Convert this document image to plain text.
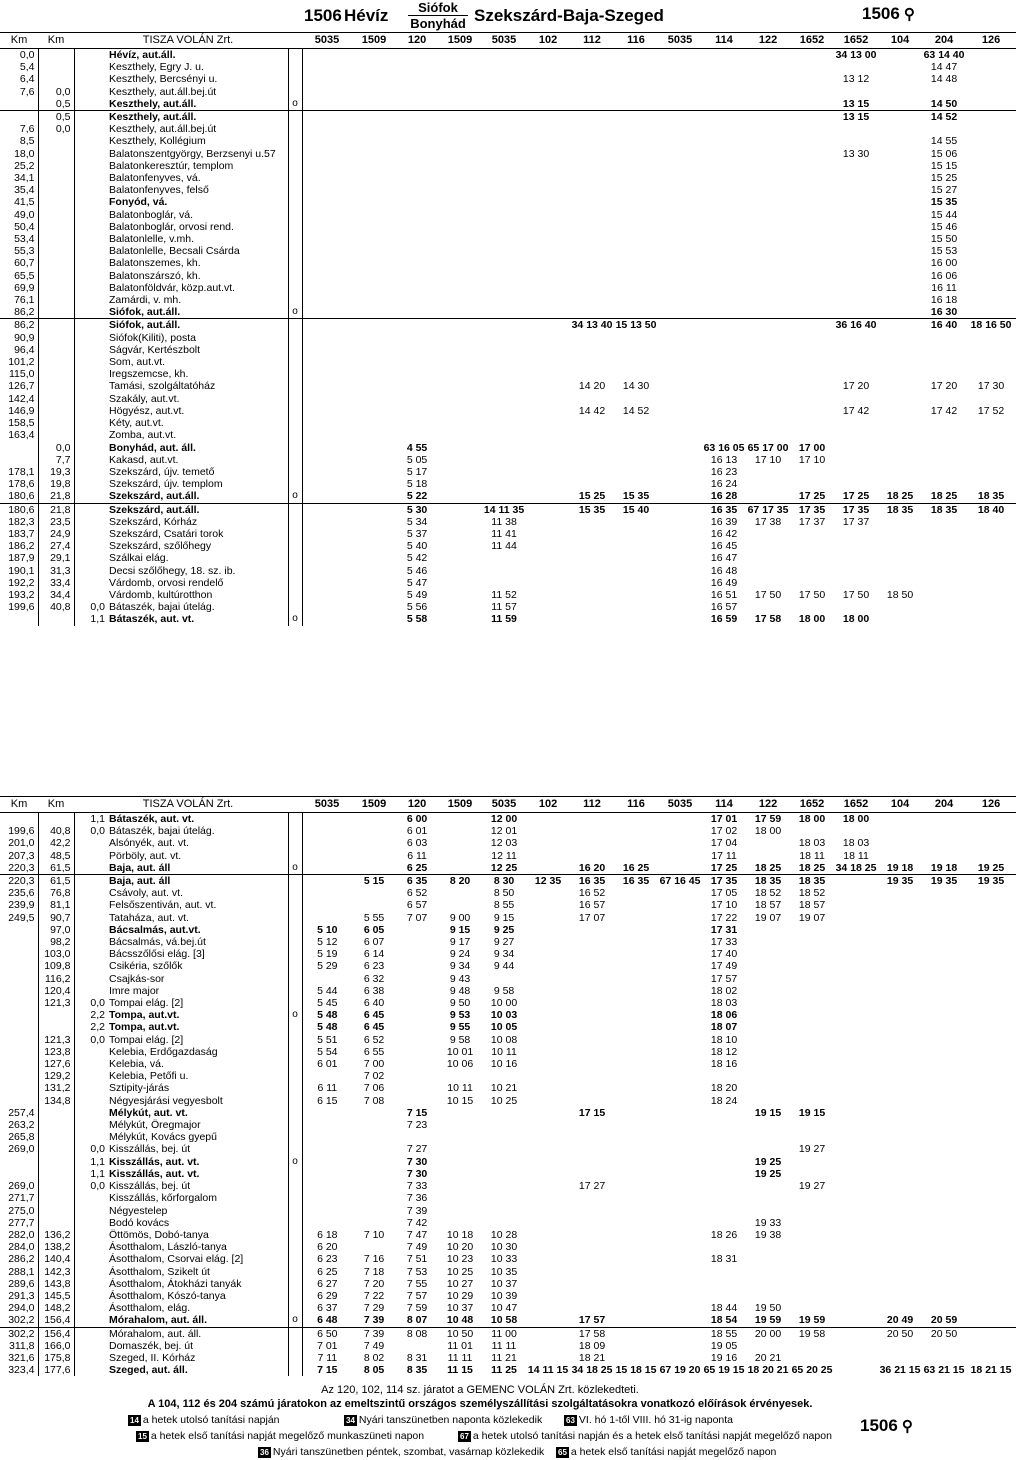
1506 Hévíz	Siófok
Bonyhád Szekszárd-Baja-Szeged	1506 ⚲
Km	Km	TISZA VOLÁN Zrt.			5035	1509	120	1509	5035	102	112	116	5035	114	122	1652	1652	104	204	126
0,0			Hévíz, aut.áll.														34 13 00		63 14 40	
5,4			Keszthely, Egry J. u.																14 47	
6,4			Keszthely, Bercsényi u.														13 12		14 48	
7,6	0,0		Keszthely, aut.áll.bej.út																	
	0,5		Keszthely, aut.áll.	o													13 15		14 50	
	0,5		Keszthely, aut.áll.														13 15		14 52	
7,6	0,0		Keszthely, aut.áll.bej.út																	
8,5			Keszthely, Kollégium																14 55	
18,0			Balatonszentgyörgy, Berzsenyi u.57														13 30		15 06	
25,2			Balatonkeresztúr, templom																15 15	
34,1			Balatonfenyves, vá.																15 25	
35,4			Balatonfenyves, felső																15 27	
41,5			Fonyód, vá.																15 35	
49,0			Balatonboglár, vá.																15 44	
50,4			Balatonboglár, orvosi rend.																15 46	
53,4			Balatonlelle, v.mh.																15 50	
55,3			Balatonlelle, Becsali Csárda																15 53	
60,7			Balatonszemes, kh.																16 00	
65,5			Balatonszárszó, kh.																16 06	
69,9			Balatonföldvár, közp.aut.vt.																16 11	
76,1			Zamárdi, v. mh.																16 18	
86,2			Siófok, aut.áll.	o															16 30	
86,2			Siófok, aut.áll.								34 13 40	15 13 50					36 16 40		16 40	18 16 50
90,9			Siófok(Kiliti), posta																	
96,4			Ságvár, Kertészbolt																	
101,2			Som, aut.vt.																	
115,0			Iregszemcse, kh.																	
126,7			Tamási, szolgáltatóház								14 20	14 30					17 20		17 20	17 30
142,4			Szakály, aut.vt.																	
146,9			Högyész, aut.vt.								14 42	14 52					17 42		17 42	17 52
158,5			Kéty, aut.vt.																	
163,4			Zomba, aut.vt.																	
	0,0		Bonyhád, aut. áll.				4 55							63 16 05	65 17 00	17 00				
	7,7		Kakasd, aut.vt.				5 05							16 13	17 10	17 10				
178,1	19,3		Szekszárd, újv. temető				5 17							16 23						
178,6	19,8		Szekszárd, újv. templom				5 18							16 24						
180,6	21,8		Szekszárd, aut.áll.	o			5 22				15 25	15 35		16 28		17 25	17 25	18 25	18 25	18 35
180,6	21,8		Szekszárd, aut.áll.				5 30		14 11 35		15 35	15 40		16 35	67 17 35	17 35	17 35	18 35	18 35	18 40
182,3	23,5		Szekszárd, Kórház				5 34		11 38					16 39	17 38	17 37	17 37			
183,7	24,9		Szekszárd, Csatári torok				5 37		11 41					16 42						
186,2	27,4		Szekszárd, szőlőhegy				5 40		11 44					16 45						
187,9	29,1		Szálkai elág.				5 42							16 47						
190,1	31,3		Decsi szőlőhegy, 18. sz. ib.				5 46							16 48						
192,2	33,4		Várdomb, orvosi rendelő				5 47							16 49						
193,2	34,4		Várdomb, kultúrotthon				5 49		11 52					16 51	17 50	17 50	17 50	18 50		
199,6	40,8	0,0	Bátaszék, bajai útelág.				5 56		11 57					16 57						
		1,1	Bátaszék, aut. vt.	o			5 58		11 59					16 59	17 58	18 00	18 00			
Km	Km	TISZA VOLÁN Zrt.			5035	1509	120	1509	5035	102	112	116	5035	114	122	1652	1652	104	204	126
		1,1	Bátaszék, aut. vt.				6 00		12 00					17 01	17 59	18 00	18 00			
199,6	40,8	0,0	Bátaszék, bajai útelág.				6 01		12 01					17 02	18 00					
201,0	42,2		Alsónyék, aut. vt.				6 03		12 03					17 04		18 03	18 03			
207,3	48,5		Pörböly, aut. vt.				6 11		12 11					17 11		18 11	18 11			
220,3	61,5		Baja, aut. áll	o			6 25		12 25		16 20	16 25		17 25	18 25	18 25	34 18 25	19 18	19 18	19 25
220,3	61,5		Baja, aut. áll			5 15	6 35	8 20	8 30	12 35	16 35	16 35	67 16 45	17 35	18 35	18 35		19 35	19 35	19 35
235,6	76,8		Csávoly, aut. vt.				6 52		8 50		16 52			17 05	18 52	18 52				
239,9	81,1		Felsőszentiván, aut. vt.				6 57		8 55		16 57			17 10	18 57	18 57				
249,5	90,7		Tataháza, aut. vt.			5 55	7 07	9 00	9 15		17 07			17 22	19 07	19 07				
	97,0		Bácsalmás, aut.vt.		5 10	6 05		9 15	9 25					17 31						
	98,2		Bácsalmás, vá.bej.út		5 12	6 07		9 17	9 27					17 33						
	103,0		Bácsszőlősi elág. [3]		5 19	6 14		9 24	9 34					17 40						
	109,8		Csikéria, szőlők		5 29	6 23		9 34	9 44					17 49						
	116,2		Csajkás-sor			6 32		9 43						17 57						
	120,4		Imre major		5 44	6 38		9 48	9 58					18 02						
	121,3	0,0	Tompai elág. [2]		5 45	6 40		9 50	10 00					18 03						
		2,2	Tompa, aut.vt.	o	5 48	6 45		9 53	10 03					18 06						
		2,2	Tompa, aut.vt.		5 48	6 45		9 55	10 05					18 07						
	121,3	0,0	Tompai elág. [2]		5 51	6 52		9 58	10 08					18 10						
	123,8		Kelebia, Erdőgazdaság		5 54	6 55		10 01	10 11					18 12						
	127,6		Kelebia, vá.		6 01	7 00		10 06	10 16					18 16						
	129,2		Kelebia, Petőfi u.			7 02														
	131,2		Sztipity-járás		6 11	7 06		10 11	10 21					18 20						
	134,8		Négyesjárási vegyesbolt		6 15	7 08		10 15	10 25					18 24						
257,4			Mélykút, aut. vt.				7 15				17 15				19 15	19 15				
263,2			Mélykút, Öregmajor				7 23													
265,8			Mélykút, Kovács gyepű																	
269,0		0,0	Kisszállás, bej. út				7 27									19 27				
		1,1	Kisszállás, aut. vt.	o			7 30								19 25					
		1,1	Kisszállás, aut. vt.				7 30								19 25					
269,0		0,0	Kisszállás, bej. út				7 33				17 27					19 27				
271,7			Kisszállás, kőrforgalom				7 36													
275,0			Négyestelep				7 39													
277,7			Bodó kovács				7 42								19 33					
282,0	136,2		Öttömös, Dobó-tanya		6 18	7 10	7 47	10 18	10 28					18 26	19 38					
284,0	138,2		Ásotthalom, László-tanya		6 20		7 49	10 20	10 30											
286,2	140,4		Ásotthalom, Csorvai elág. [2]		6 23	7 16	7 51	10 23	10 33					18 31						
288,1	142,3		Ásotthalom, Szikelt út		6 25	7 18	7 53	10 25	10 35											
289,6	143,8		Ásotthalom, Átokházi tanyák		6 27	7 20	7 55	10 27	10 37											
291,3	145,5		Ásotthalom, Kószó-tanya		6 29	7 22	7 57	10 29	10 39											
294,0	148,2		Ásotthalom, elág.		6 37	7 29	7 59	10 37	10 47					18 44	19 50					
302,2	156,4		Mórahalom, aut. áll.	o	6 48	7 39	8 07	10 48	10 58		17 57			18 54	19 59	19 59		20 49	20 59	
302,2	156,4		Mórahalom, aut. áll.		6 50	7 39	8 08	10 50	11 00		17 58			18 55	20 00	19 58		20 50	20 50	
311,8	166,0		Domaszék, bej. út		7 01	7 49		11 01	11 11		18 09			19 05						
321,6	175,8		Szeged, II. Kórház		7 11	8 02	8 31	11 11	11 21		18 21			19 16	20 21					
323,4	177,6		Szeged, aut. áll.		7 15	8 05	8 35	11 15	11 25	14 11 15	34 18 25	15 18 15	67 19 20	65 19 15	18 20 21	65 20 25		36 21 15	63 21 15	18 21 15
Az 120, 102, 114 sz. járatot a GEMENC VOLÁN Zrt. közlekedteti.
A 104, 112 és 204 számú járatokon az emeltszintű országos személyszállítási szolgáltatásokra vonatkozó előírások érvényesek.
14 a hetek utolsó tanítási napján	34 Nyári tanszünetben naponta közlekedik	63 VI. hó 1-től VIII. hó 31-ig naponta
15 a hetek első tanítási napját megelőző munkaszüneti napon	67 a hetek utolsó tanítási napján és a hetek első tanítási napját megelőző napon
36 Nyári tanszünetben péntek, szombat, vasárnap közlekedik 65 a hetek első tanítási napját megelőző napon
1506 ⚲
